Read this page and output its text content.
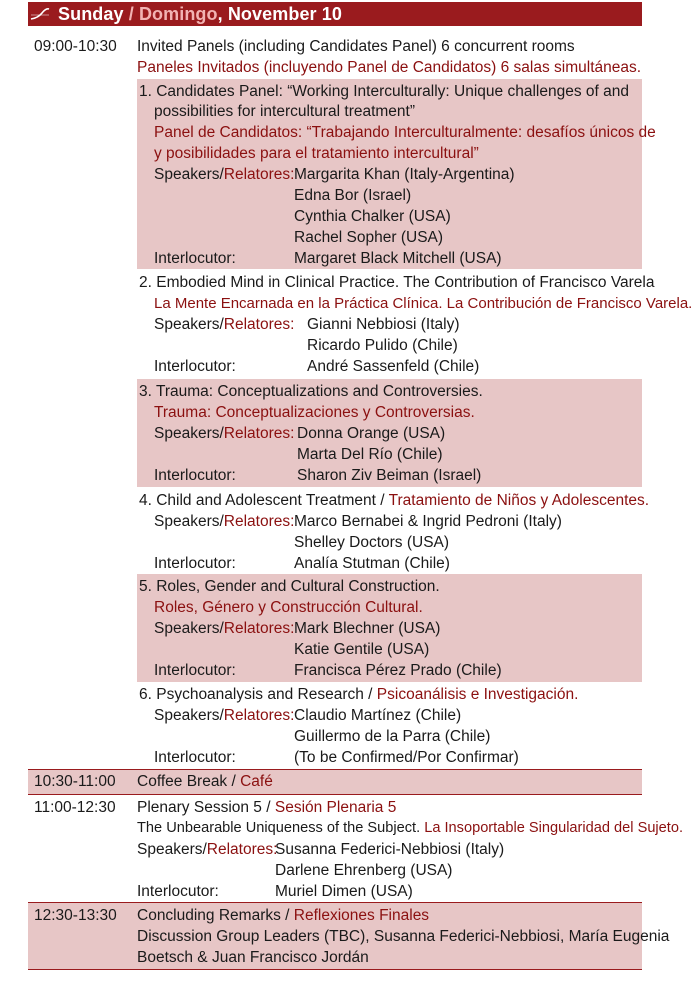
Sunday / Domingo , November 10
09:00-10:30 Invited Panels (including Candidates Panel) 6 concurrent rooms
Paneles Invitados (incluyendo Panel de Candidatos) 6 salas simultáneas.
1. Candidates Panel: “Working Interculturally: Unique challenges of and
possibilities for intercultural treatment”
Panel de Candidatos: “Trabajando Interculturalmente: desafíos únicos de
y posibilidades para el tratamiento intercultural”
Speakers/Relatores: Margarita Khan (Italy-Argentina)
Edna Bor (Israel)
Cynthia Chalker (USA)
Rachel Sopher (USA)
Interlocutor:	Margaret Black Mitchell (USA)
2. Embodied Mind in Clinical Practice. The Contribution of Francisco Varela
La Mente Encarnada en la Práctica Clínica. La Contribución de Francisco Varela.
Speakers/Relatores: Gianni Nebbiosi (Italy)
Ricardo Pulido (Chile)
Interlocutor:	André Sassenfeld (Chile)
3. Trauma: Conceptualizations and Controversies.
Trauma: Conceptualizaciones y Controversias.
Speakers/Relatores: Donna Orange (USA)
Marta Del Río (Chile)
Interlocutor:	Sharon Ziv Beiman (Israel)
4. Child and Adolescent Treatment / Tratamiento de Niños y Adolescentes.
Speakers/Relatores: Marco Bernabei & Ingrid Pedroni (Italy)
Shelley Doctors (USA)
Interlocutor:	Analía Stutman (Chile)
5. Roles, Gender and Cultural Construction.
Roles, Género y Construcción Cultural.
Speakers/Relatores: Mark Blechner (USA)
Katie Gentile (USA)
Interlocutor:	Francisca Pérez Prado (Chile)
6. Psychoanalysis and Research / Psicoanálisis e Investigación.
Speakers/Relatores: Claudio Martínez (Chile)
Guillermo de la Parra (Chile)
Interlocutor:	(To be Confirmed/Por Confirmar)
10:30-11:00 Coffee Break / Café
11:00-12:30 Plenary Session 5 / Sesión Plenaria 5
The Unbearable Uniqueness of the Subject. La Insoportable Singularidad del Sujeto.
Speakers/Relatores:
Susanna Federici-Nebbiosi (Italy)
Darlene Ehrenberg (USA)
Interlocutor:	Muriel Dimen (USA)
12:30-13:30 Concluding Remarks / Reflexiones Finales
Discussion Group Leaders (TBC), Susanna Federici-Nebbiosi, María Eugenia
Boetsch & Juan Francisco Jordán
